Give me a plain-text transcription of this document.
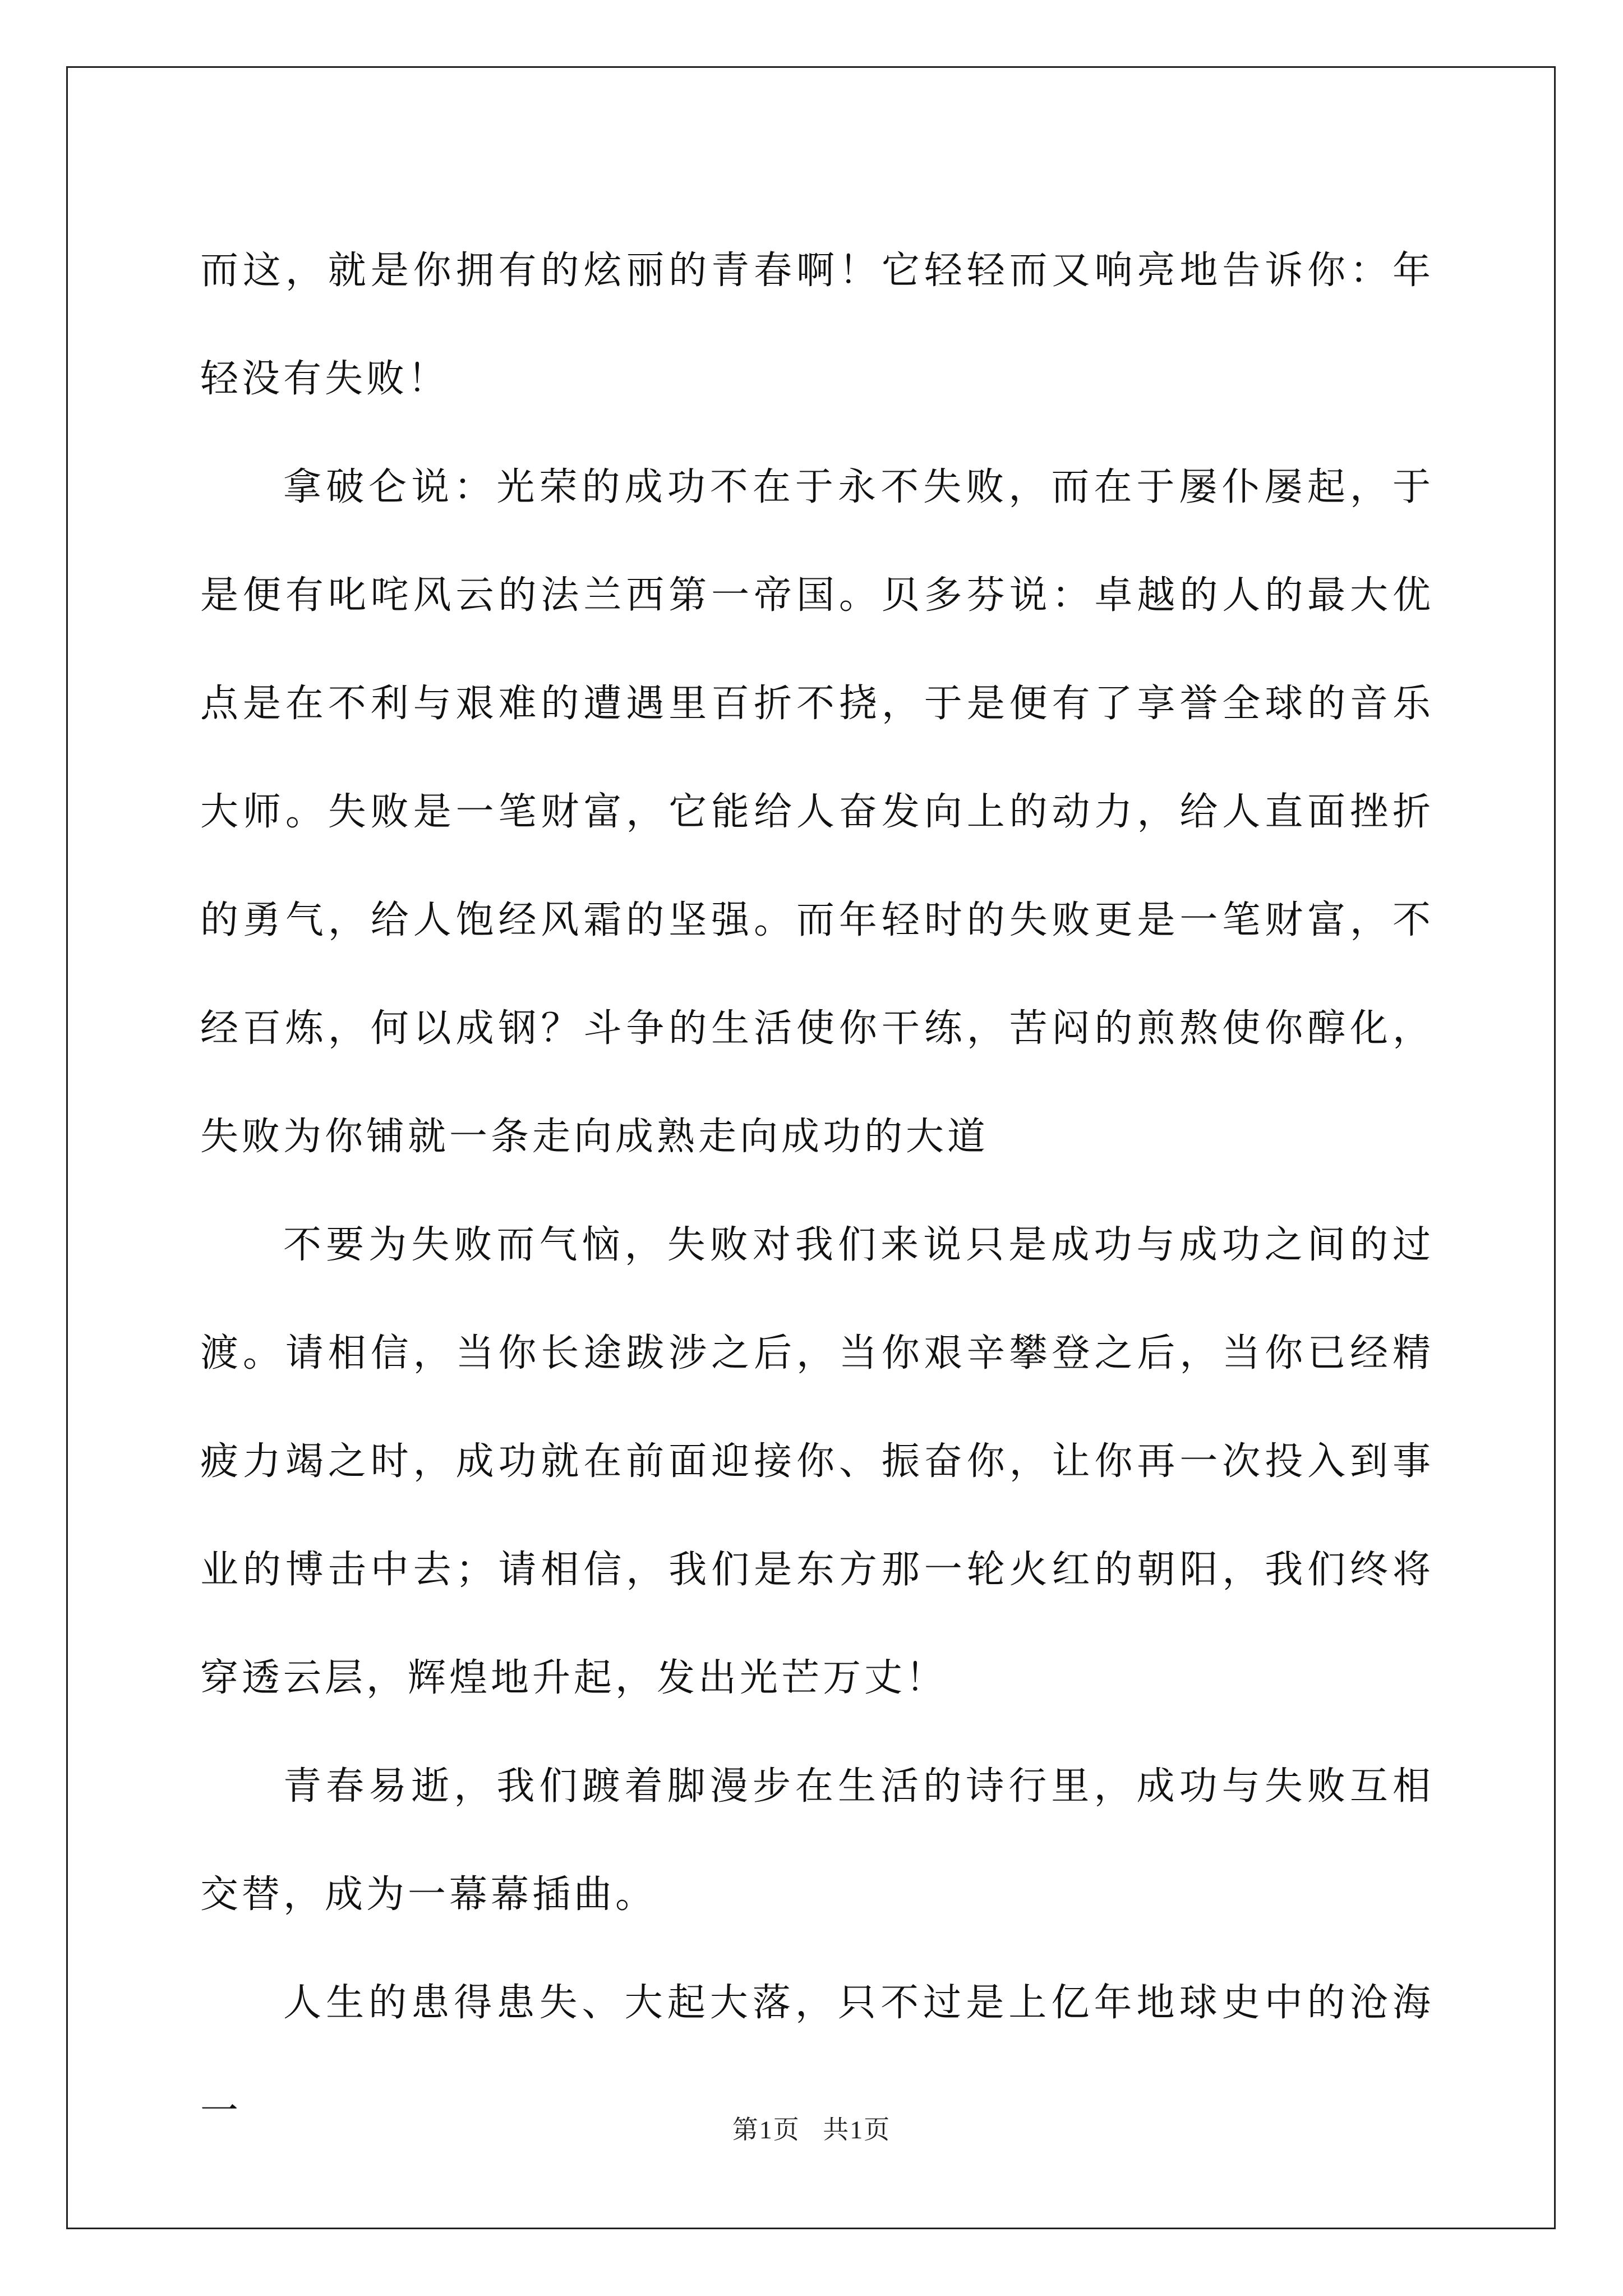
而这，就是你拥有的炫丽的青春啊！它轻轻而又响亮地告诉你：年轻没有失败！

拿破仑说：光荣的成功不在于永不失败，而在于屡仆屡起，于是便有叱咤风云的法兰西第一帝国。贝多芬说：卓越的人的最大优点是在不利与艰难的遭遇里百折不挠，于是便有了享誉全球的音乐大师。失败是一笔财富，它能给人奋发向上的动力，给人直面挫折的勇气，给人饱经风霜的坚强。而年轻时的失败更是一笔财富，不经百炼，何以成钢？斗争的生活使你干练，苦闷的煎熬使你醇化，失败为你铺就一条走向成熟走向成功的大道

不要为失败而气恼，失败对我们来说只是成功与成功之间的过渡。请相信，当你长途跋涉之后，当你艰辛攀登之后，当你已经精疲力竭之时，成功就在前面迎接你、振奋你，让你再一次投入到事业的博击中去；请相信，我们是东方那一轮火红的朝阳，我们终将穿透云层，辉煌地升起，发出光芒万丈！

青春易逝，我们踱着脚漫步在生活的诗行里，成功与失败互相交替，成为一幕幕插曲。

人生的患得患失、大起大落，只不过是上亿年地球史中的沧海一	第1页 共1页
